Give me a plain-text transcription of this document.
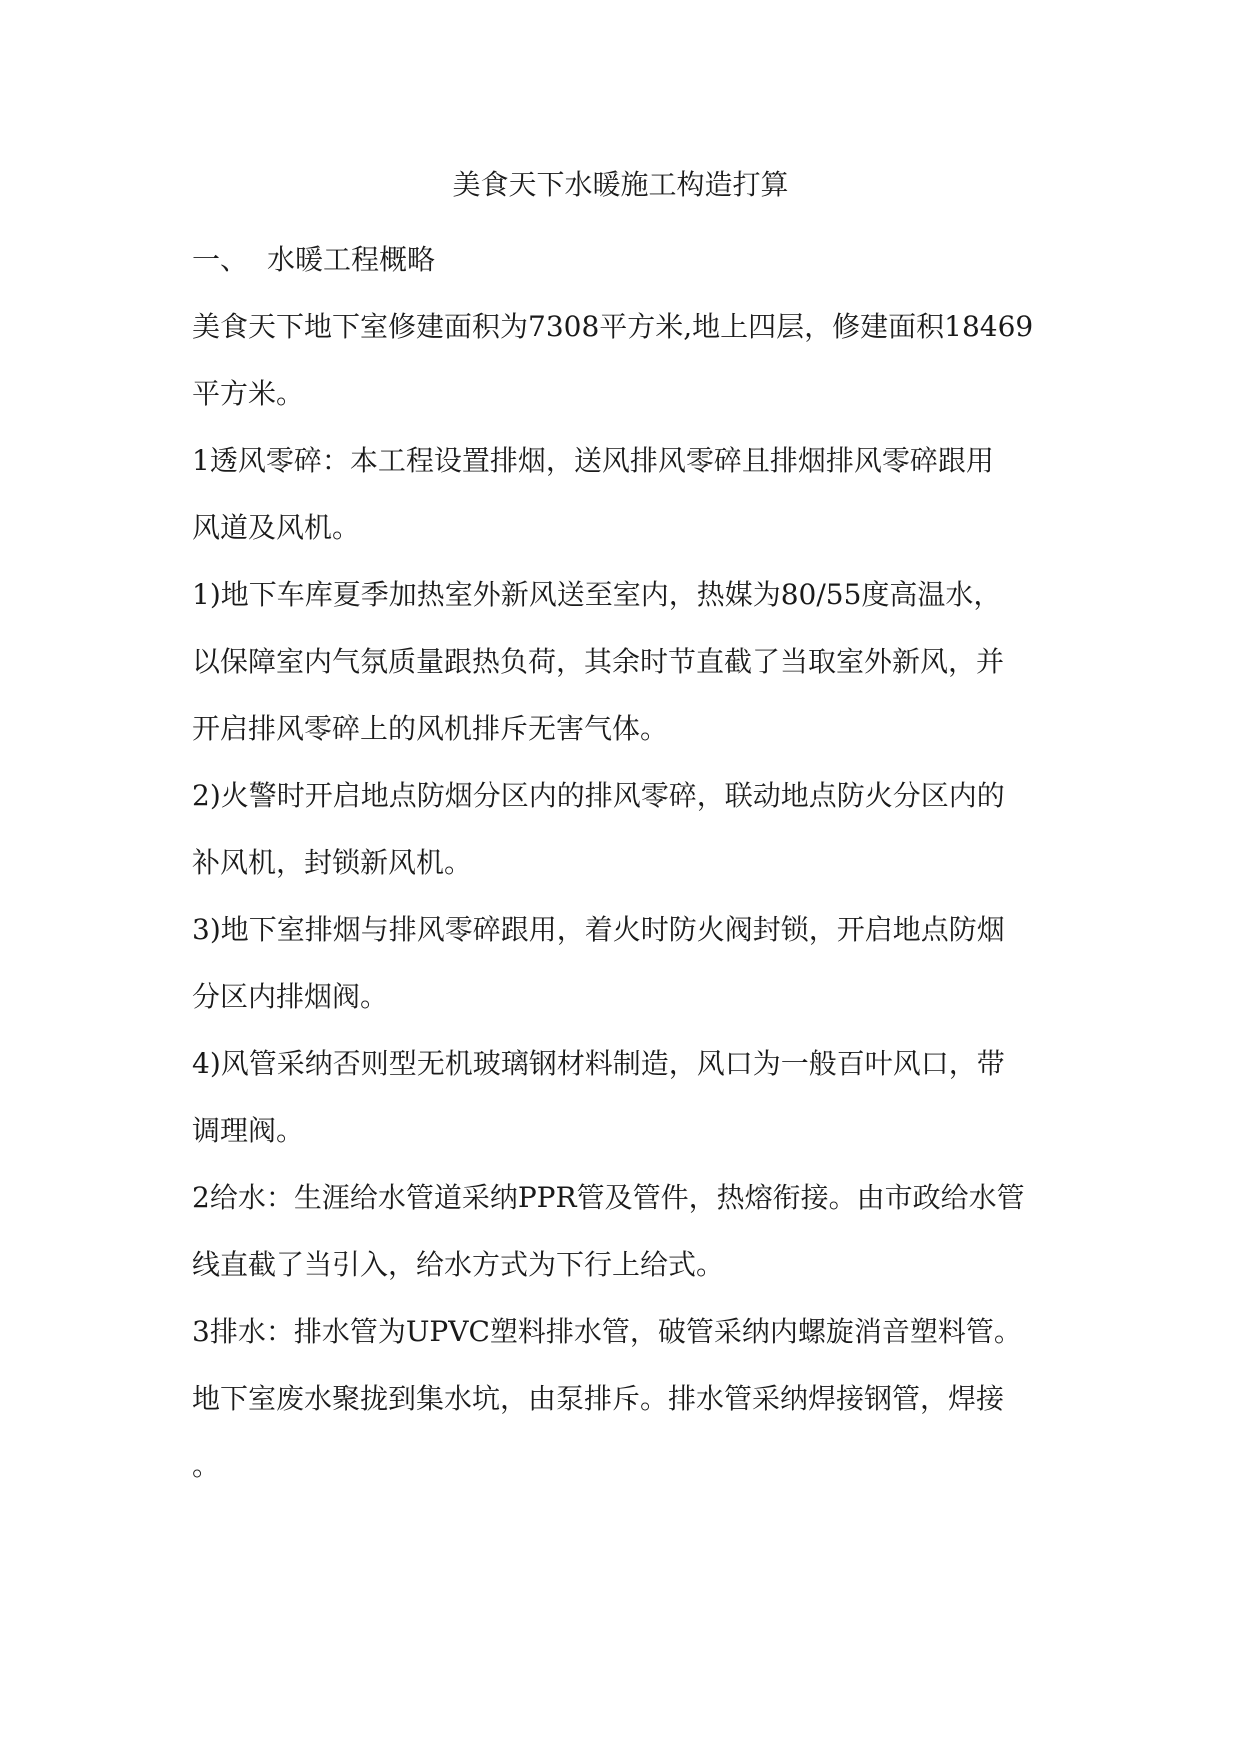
美食天下水暖施工构造打算
一、 水暖工程概略
美食天下地下室修建面积为7308平方米,地上四层，修建面积18469
平方米。
1透风零碎：本工程设置排烟，送风排风零碎且排烟排风零碎跟用
风道及风机。
1)地下车库夏季加热室外新风送至室内，热媒为80/55度高温水，
以保障室内气氛质量跟热负荷，其余时节直截了当取室外新风，并
开启排风零碎上的风机排斥无害气体。
2)火警时开启地点防烟分区内的排风零碎，联动地点防火分区内的
补风机，封锁新风机。
3)地下室排烟与排风零碎跟用，着火时防火阀封锁，开启地点防烟
分区内排烟阀。
4)风管采纳否则型无机玻璃钢材料制造，风口为一般百叶风口，带
调理阀。
2给水：生涯给水管道采纳PPR管及管件，热熔衔接。由市政给水管
线直截了当引入，给水方式为下行上给式。
3排水：排水管为UPVC塑料排水管，破管采纳内螺旋消音塑料管。
地下室废水聚拢到集水坑，由泵排斥。排水管采纳焊接钢管，焊接
。
